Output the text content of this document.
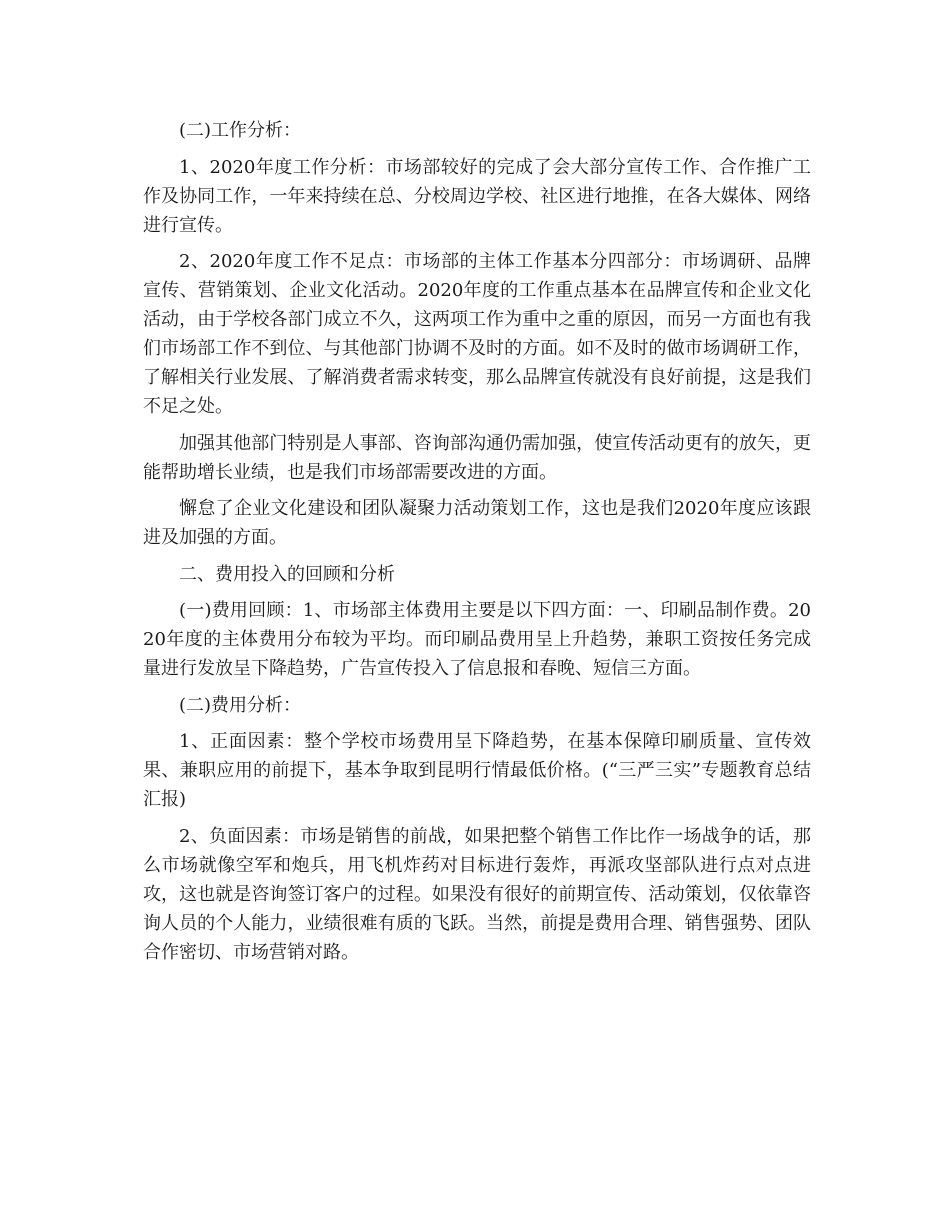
(二)工作分析：

1、2020年度工作分析：市场部较好的完成了会大部分宣传工作、合作推广工作及协同工作，一年来持续在总、分校周边学校、社区进行地推，在各大媒体、网络进行宣传。

2、2020年度工作不足点：市场部的主体工作基本分四部分：市场调研、品牌宣传、营销策划、企业文化活动。2020年度的工作重点基本在品牌宣传和企业文化活动，由于学校各部门成立不久，这两项工作为重中之重的原因，而另一方面也有我们市场部工作不到位、与其他部门协调不及时的方面。如不及时的做市场调研工作，了解相关行业发展、了解消费者需求转变，那么品牌宣传就没有良好前提，这是我们不足之处。

加强其他部门特别是人事部、咨询部沟通仍需加强，使宣传活动更有的放矢，更能帮助增长业绩，也是我们市场部需要改进的方面。

懈怠了企业文化建设和团队凝聚力活动策划工作，这也是我们2020年度应该跟进及加强的方面。

二、费用投入的回顾和分析

(一)费用回顾：1、市场部主体费用主要是以下四方面：一、印刷品制作费。2020年度的主体费用分布较为平均。而印刷品费用呈上升趋势，兼职工资按任务完成量进行发放呈下降趋势，广告宣传投入了信息报和春晚、短信三方面。

(二)费用分析：

1、正面因素：整个学校市场费用呈下降趋势，在基本保障印刷质量、宣传效果、兼职应用的前提下，基本争取到昆明行情最低价格。(“三严三实”专题教育总结汇报)

2、负面因素：市场是销售的前战，如果把整个销售工作比作一场战争的话，那么市场就像空军和炮兵，用飞机炸药对目标进行轰炸，再派攻坚部队进行点对点进攻，这也就是咨询签订客户的过程。如果没有很好的前期宣传、活动策划，仅依靠咨询人员的个人能力，业绩很难有质的飞跃。当然，前提是费用合理、销售强势、团队合作密切、市场营销对路。
